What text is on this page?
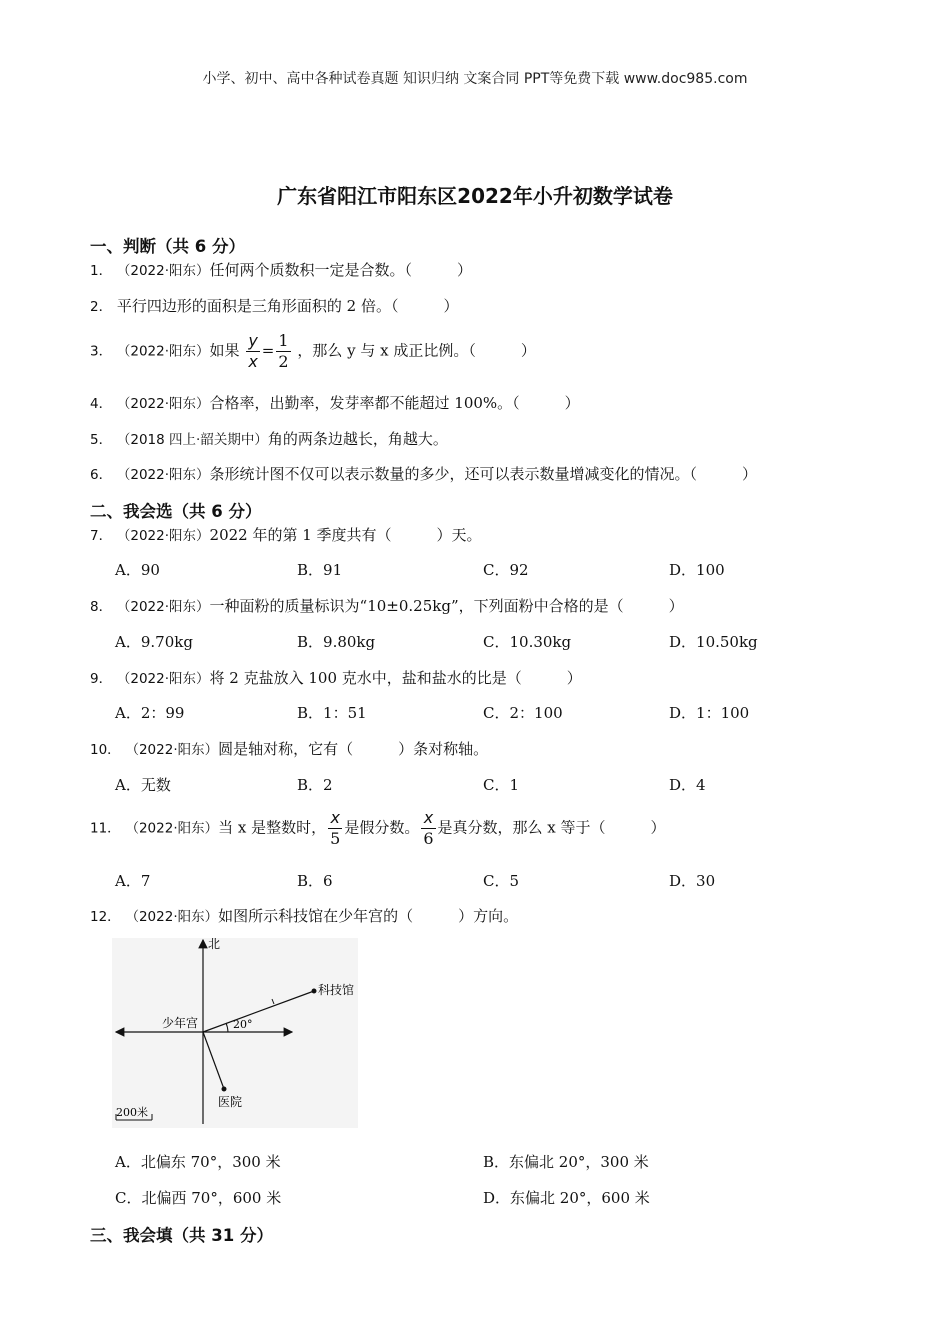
小学、初中、高中各种试卷真题 知识归纳 文案合同 PPT等免费下载 www.doc985.com
广东省阳江市阳东区2022年小升初数学试卷
一、判断（共 6 分）
1． （2022·阳东）任何两个质数积一定是合数。（　　　）
2． 平行四边形的面积是三角形面积的 2 倍。（　　　）
3． （2022·阳东）如果 $\frac{y}{x} = \frac{1}{2}$ ，那么 y 与 x 成正比例。（　　　）
4． （2022·阳东）合格率，出勤率，发芽率都不能超过 100%。（　　　）
5． （2018 四上·韶关期中）角的两条边越长，角越大。
6． （2022·阳东）条形统计图不仅可以表示数量的多少，还可以表示数量增减变化的情况。（　　　）
二、我会选（共 6 分）
7． （2022·阳东）2022 年的第 1 季度共有（　　　）天。
A．90	B．91	C．92	D．100
8． （2022·阳东）一种面粉的质量标识为“10±0.25kg”，下列面粉中合格的是（　　　）
A．9.70kg	B．9.80kg	C．10.30kg	D．10.50kg
9． （2022·阳东）将 2 克盐放入 100 克水中，盐和盐水的比是（　　　）
A．2：99	B．1：51	C．2：100	D．1：100
10． （2022·阳东）圆是轴对称，它有（　　　）条对称轴。
A．无数	B．2	C．1	D．4
11． （2022·阳东）当 x 是整数时， $\frac{x}{5}$ 是假分数。 $\frac{x}{6}$ 是真分数，那么 x 等于（　　　）
A．7	B．6	C．5	D．30
12． （2022·阳东）如图所示科技馆在少年宫的（　　　）方向。
北
少年宫	20°
科技馆
医院
200米
A．北偏东 70°，300 米	B．东偏北 20°，300 米
C．北偏西 70°，600 米	D．东偏北 20°，600 米
三、我会填（共 31 分）
